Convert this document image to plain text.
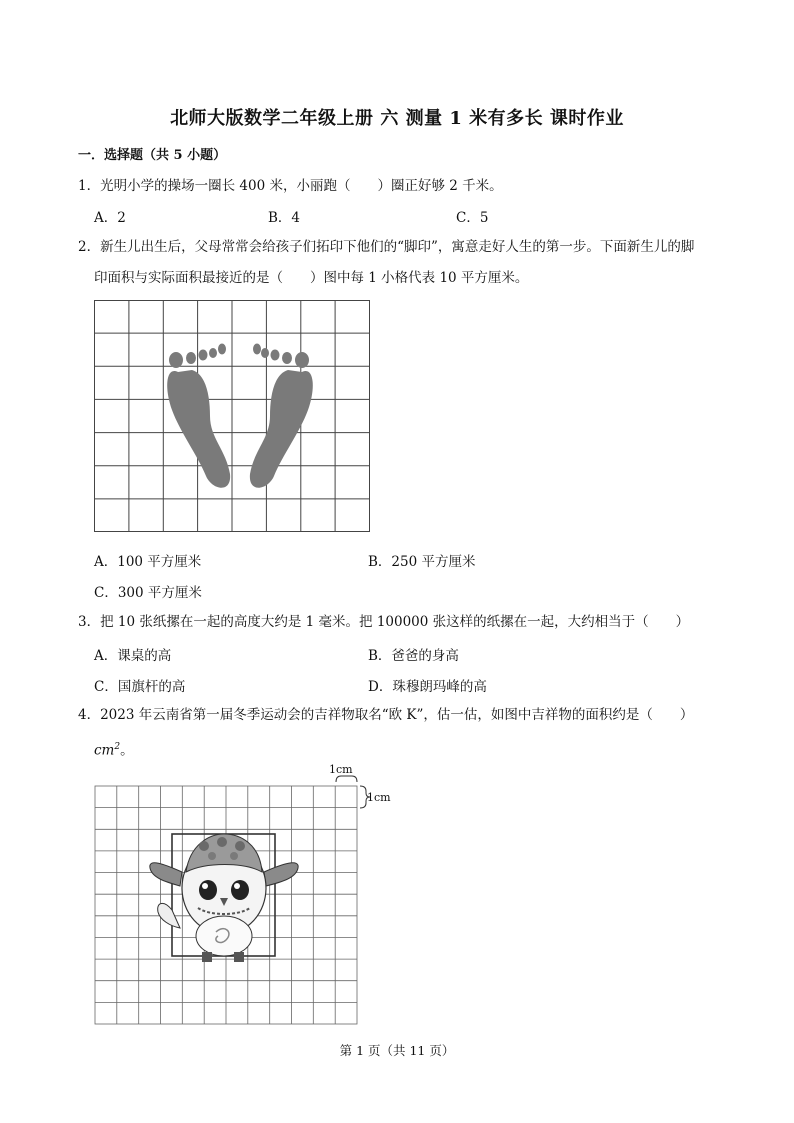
北师大版数学二年级上册 六 测量 1 米有多长 课时作业
一．选择题（共 5 小题）
1．光明小学的操场一圈长 400 米，小丽跑（　　）圈正好够 2 千米。
A．2	B．4	C．5
2．新生儿出生后，父母常常会给孩子们拓印下他们的“脚印”，寓意走好人生的第一步。下面新生儿的脚
印面积与实际面积最接近的是（　　）图中每 1 小格代表 10 平方厘米。
A．100 平方厘米	B．250 平方厘米
C．300 平方厘米
3．把 10 张纸摞在一起的高度大约是 1 毫米。把 100000 张这样的纸摞在一起，大约相当于（　　）
A．课桌的高	B．爸爸的身高
C．国旗杆的高	D．珠穆朗玛峰的高
4．2023 年云南省第一届冬季运动会的吉祥物取名“欧 K”，估一估，如图中吉祥物的面积约是（　　）
$cm^2$。
1cm
1cm
第 1 页（共 11 页）
